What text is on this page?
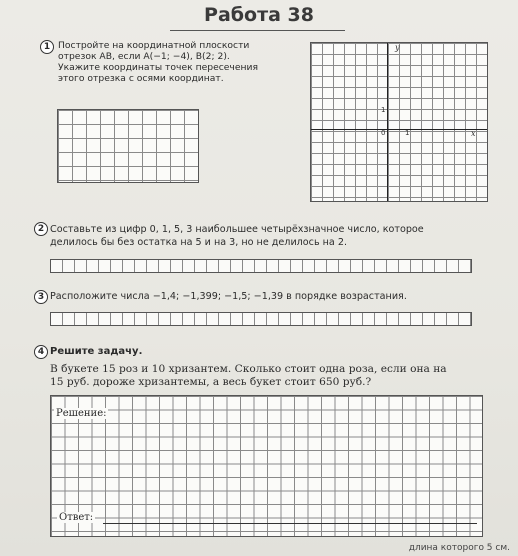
Работа 38
1 Постройте на координатной плоскости
отрезок AB, если A(−1; −4), B(2; 2).
Укажите координаты точек пересечения
этого отрезка с осями координат.
y
x
0	1
1
2 Составьте из цифр 0, 1, 5, 3 наибольшее четырёхзначное число, которое
делилось бы без остатка на 5 и на 3, но не делилось на 2.
3 Расположите числа −1,4; −1,399; −1,5; −1,39 в порядке возрастания.
4 Решите задачу.
В букете 15 роз и 10 хризантем. Сколько стоит одна роза, если она на
15 руб. дороже хризантемы, а весь букет стоит 650 руб.?
Решение:
Ответ:
длина которого 5 см.
